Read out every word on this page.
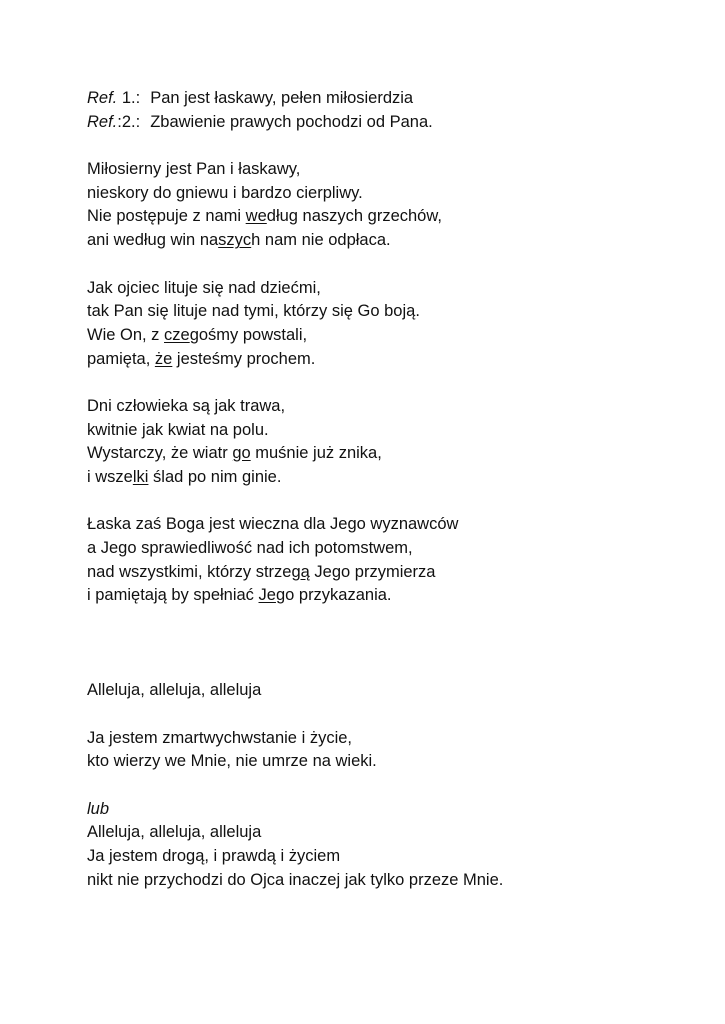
Ref. 1.: Pan jest łaskawy, pełen miłosierdzia
Ref.:2.: Zbawienie prawych pochodzi od Pana.
Miłosierny jest Pan i łaskawy,
nieskory do gniewu i bardzo cierpliwy.
Nie postępuje z nami według naszych grzechów,
ani według win naszych nam nie odpłaca.
Jak ojciec lituje się nad dziećmi,
tak Pan się lituje nad tymi, którzy się Go boją.
Wie On, z czegośmy powstali,
pamięta, że jesteśmy prochem.
Dni człowieka są jak trawa,
kwitnie jak kwiat na polu.
Wystarczy, że wiatr go muśnie już znika,
i wszelki ślad po nim ginie.
Łaska zaś Boga jest wieczna dla Jego wyznawców
a Jego sprawiedliwość nad ich potomstwem,
nad wszystkimi, którzy strzegą Jego przymierza
i pamiętają by spełniać Jego przykazania.
Alleluja, alleluja, alleluja
Ja jestem zmartwychwstanie i życie,
kto wierzy we Mnie, nie umrze na wieki.
lub
Alleluja, alleluja, alleluja
Ja jestem drogą, i prawdą i życiem
nikt nie przychodzi do Ojca inaczej jak tylko przeze Mnie.
